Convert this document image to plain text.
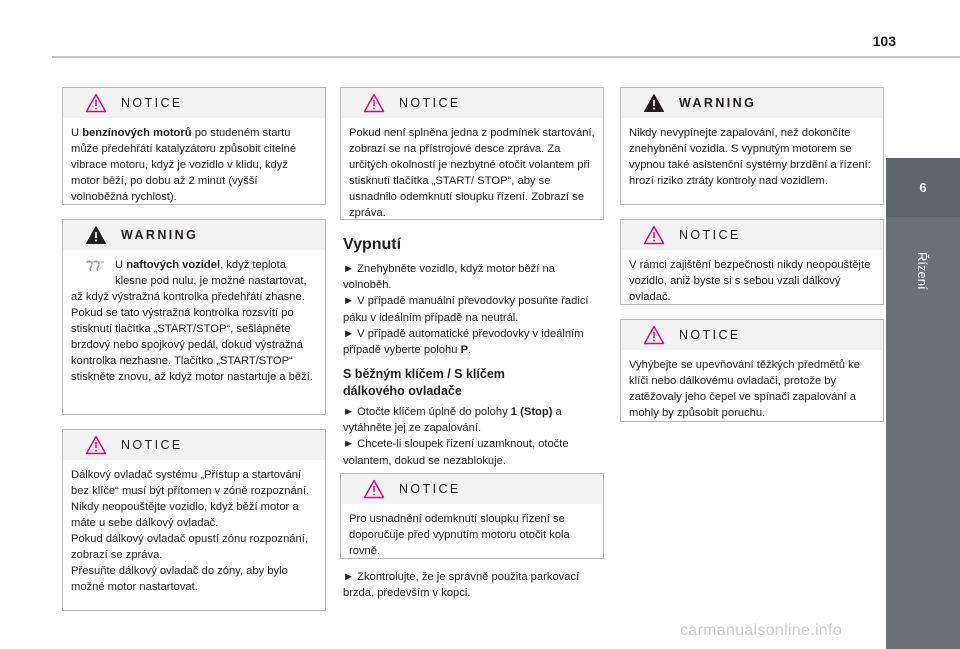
103
6
Řízení
NOTICE

U benzínových motorů po studeném startu může předehřátí katalyzátoru způsobit citelné vibrace motoru, když je vozidlo v klidu, když motor běží, po dobu až 2 minut (vyšší volnoběžná rychlost).

WARNING

U naftových vozidel, když teplota klesne pod nulu, je možné nastartovat, až když výstražná kontrolka předehřátí zhasne.

Pokud se tato výstražná kontrolka rozsvítí po stisknutí tlačítka „START/STOP“, sešlápněte brzdový nebo spojkový pedál, dokud výstražná kontrolka nezhasne. Tlačítko „START/STOP“ stiskněte znovu, až když motor nastartuje a běží.

NOTICE

Dálkový ovladač systému „Přístup a startování bez klíče“ musí být přítomen v zóně rozpoznání.

Nikdy neopouštějte vozidlo, když běží motor a máte u sebe dálkový ovladač.

Pokud dálkový ovladač opustí zónu rozpoznání, zobrazí se zpráva.

Přesuňte dálkový ovladač do zóny, aby bylo možné motor nastartovat.

NOTICE

Pokud není splněna jedna z podmínek startování, zobrazí se na přístrojové desce zpráva. Za určitých okolností je nezbytné otočit volantem při stisknutí tlačítka „START/ STOP“, aby se usnadnilo odemknutí sloupku řízení. Zobrazí se zpráva.

Vypnutí

► Znehybněte vozidlo, když motor běží na volnoběh.

► V případě manuální převodovky posuňte řadicí páku v ideálním případě na neutrál.

► V případě automatické převodovky v ideálním případě vyberte polohu P.

S běžným klíčem / S klíčem dálkového ovladače

► Otočte klíčem úplně do polohy 1 (Stop) a vytáhněte jej ze zapalování.

► Chcete-li sloupek řízení uzamknout, otočte volantem, dokud se nezablokuje.

NOTICE

Pro usnadnění odemknutí sloupku řízení se doporučuje před vypnutím motoru otočit kola rovně.

► Zkontrolujte, že je správně použita parkovací brzda, především v kopci.
WARNING

Nikdy nevypínejte zapalování, než dokončíte znehybnění vozidla. S vypnutým motorem se vypnou také asistenční systémy brzdění a řízení: hrozí riziko ztráty kontroly nad vozidlem.

NOTICE

V rámci zajištění bezpečnosti nikdy neopouštějte vozidlo, aniž byste si s sebou vzali dálkový ovladač.

NOTICE

Vyhýbejte se upevňování těžkých předmětů ke klíči nebo dálkovému ovladači, protože by zatěžovaly jeho čepel ve spínači zapalování a mohly by způsobit poruchu.

carmanualsonline.info
